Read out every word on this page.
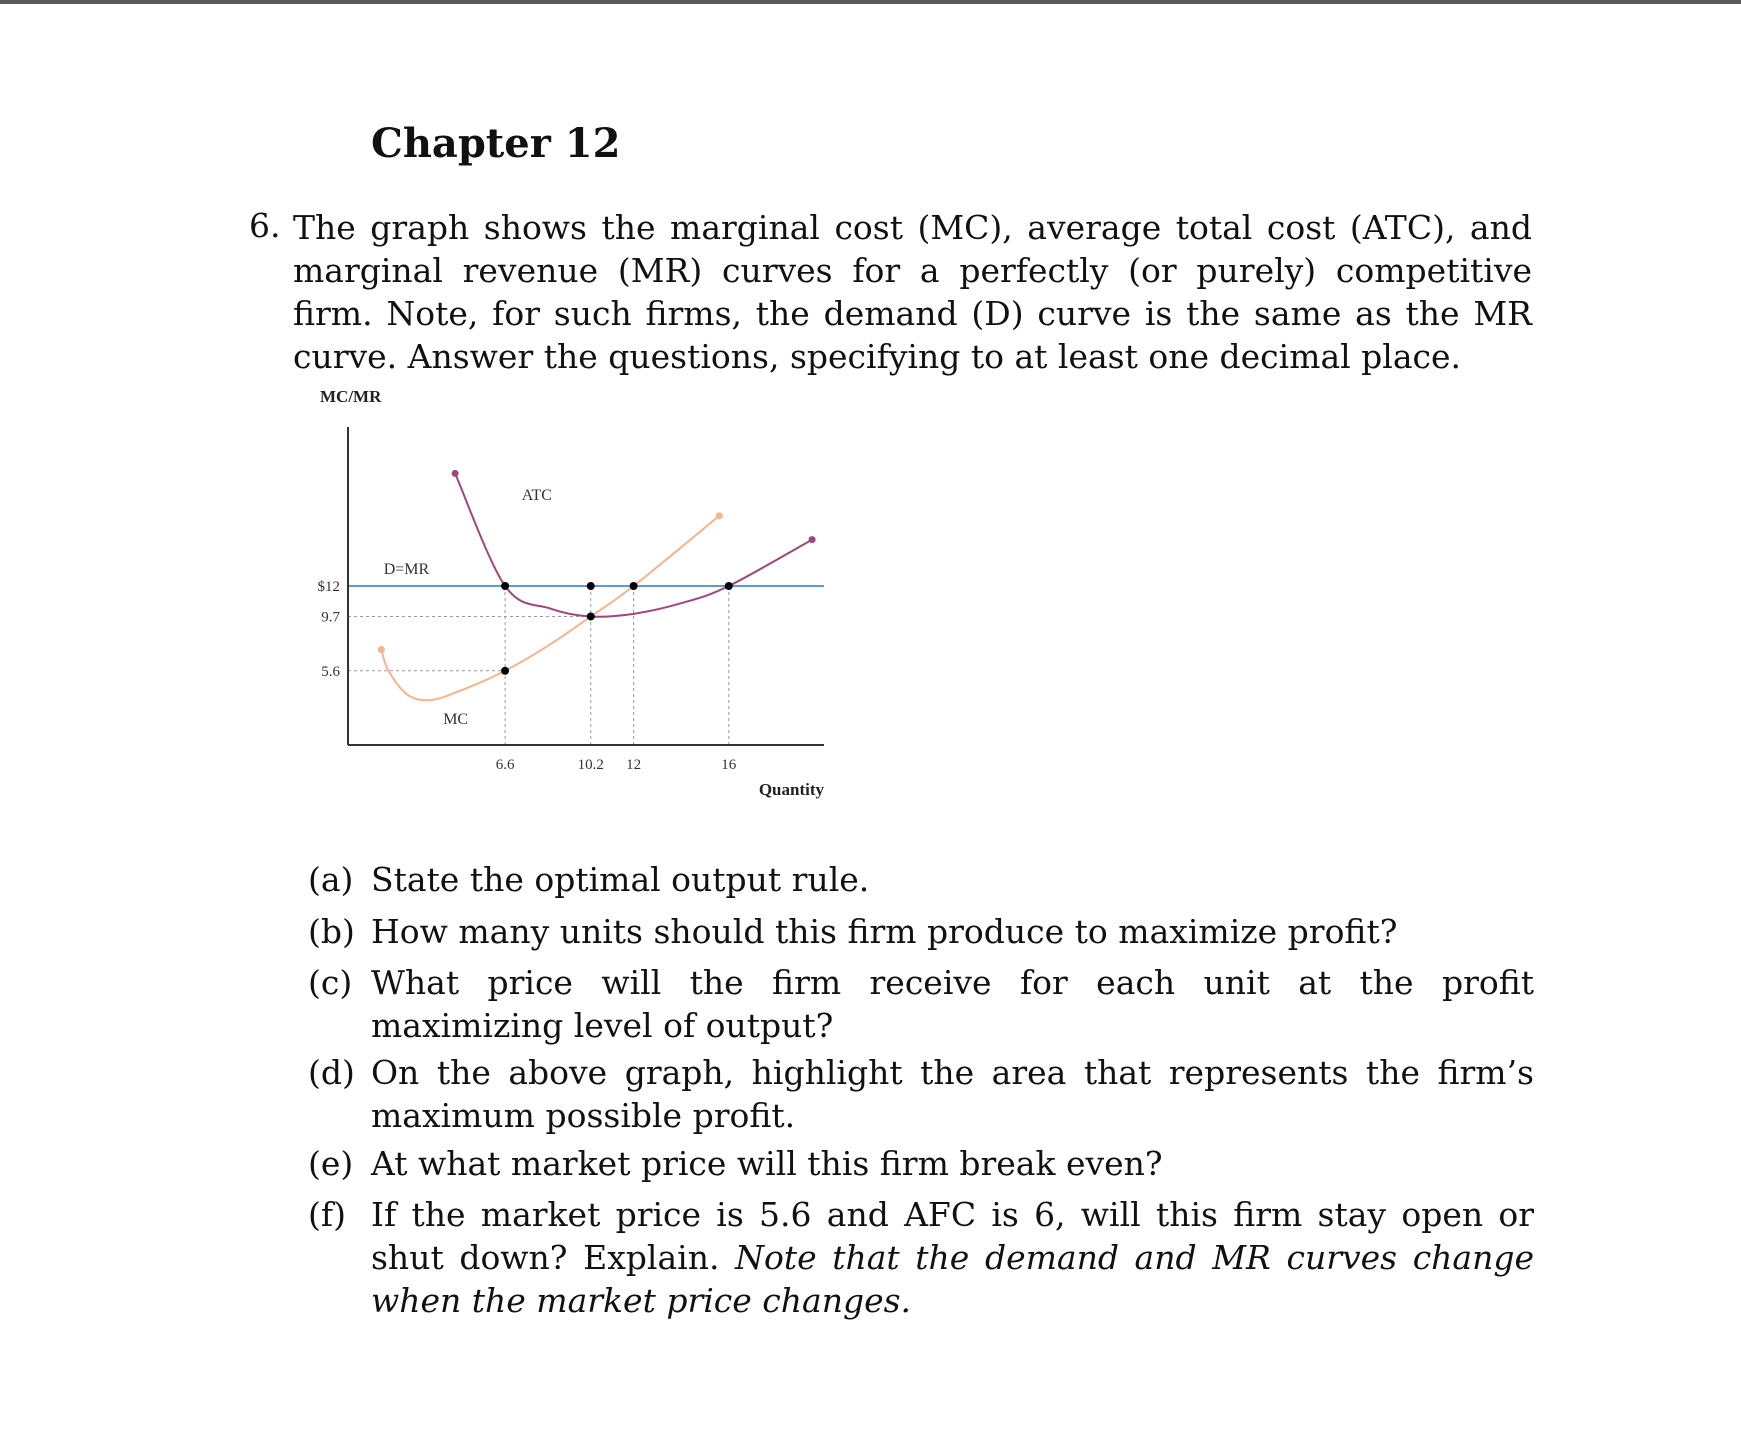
Chapter 12
6. The graph shows the marginal cost (MC), average total cost (ATC), and marginal revenue (MR) curves for a perfectly (or purely) competitive firm. Note, for such firms, the demand (D) curve is the same as the MR curve. Answer the questions, specifying to at least one decimal place.
$12
9.7
5.6
6.6	10.2 12	16
MC/MR
Quantity
D=MR
ATC
MC
(a) State the optimal output rule.
(b) How many units should this firm produce to maximize profit?
(c) What price will the firm receive for each unit at the profit maximizing level of output?
(d) On the above graph, highlight the area that represents the firm’s maximum possible profit.
(e) At what market price will this firm break even?
(f) If the market price is 5.6 and AFC is 6, will this firm stay open or shut down? Explain. Note that the demand and MR curves change when the market price changes.
